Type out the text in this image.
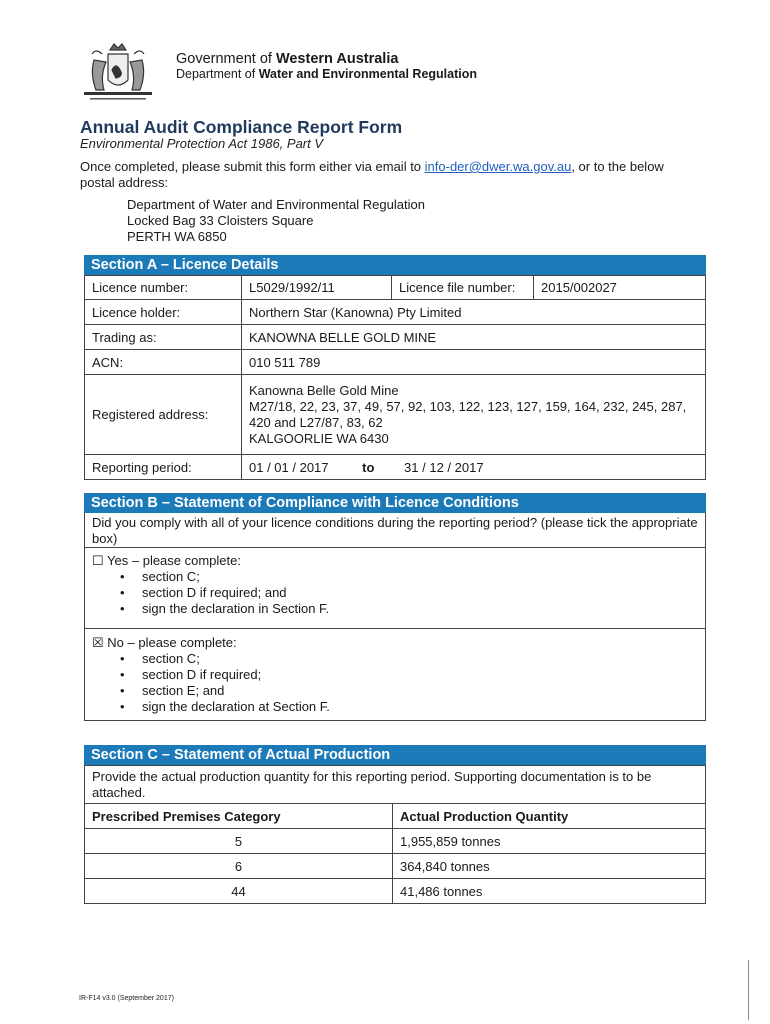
Government of Western Australia
Department of Water and Environmental Regulation
Annual Audit Compliance Report Form
Environmental Protection Act 1986, Part V
Once completed, please submit this form either via email to info-der@dwer.wa.gov.au, or to the below postal address:
Department of Water and Environmental Regulation
Locked Bag 33 Cloisters Square
PERTH WA 6850
Section A – Licence Details
Licence number:	L5029/1992/11	Licence file number:	2015/002027
Licence holder:	Northern Star (Kanowna) Pty Limited		
Trading as:	KANOWNA BELLE GOLD MINE		
ACN:	010 511 789		
Registered address:	Kanowna Belle Gold Mine
M27/18, 22, 23, 37, 49, 57, 92, 103, 122, 123, 127, 159, 164, 232, 245, 287, 420 and L27/87, 83, 62
KALGOORLIE WA 6430		

Reporting period:	01 / 01 / 2017 to 31 / 12 / 2017		
Section B – Statement of Compliance with Licence Conditions
Did you comply with all of your licence conditions during the reporting period? (please tick the appropriate box)
☐ Yes – please complete:
• section C;
• section D if required; and
• sign the declaration in Section F.
☒ No – please complete:
• section C;
• section D if required;
• section E; and
• sign the declaration at Section F.
Section C – Statement of Actual Production
Provide the actual production quantity for this reporting period. Supporting documentation is to be attached.	
Prescribed Premises Category	Actual Production Quantity
5	1,955,859 tonnes
6	364,840 tonnes
44	41,486 tonnes
IR-F14 v3.0 (September 2017)
